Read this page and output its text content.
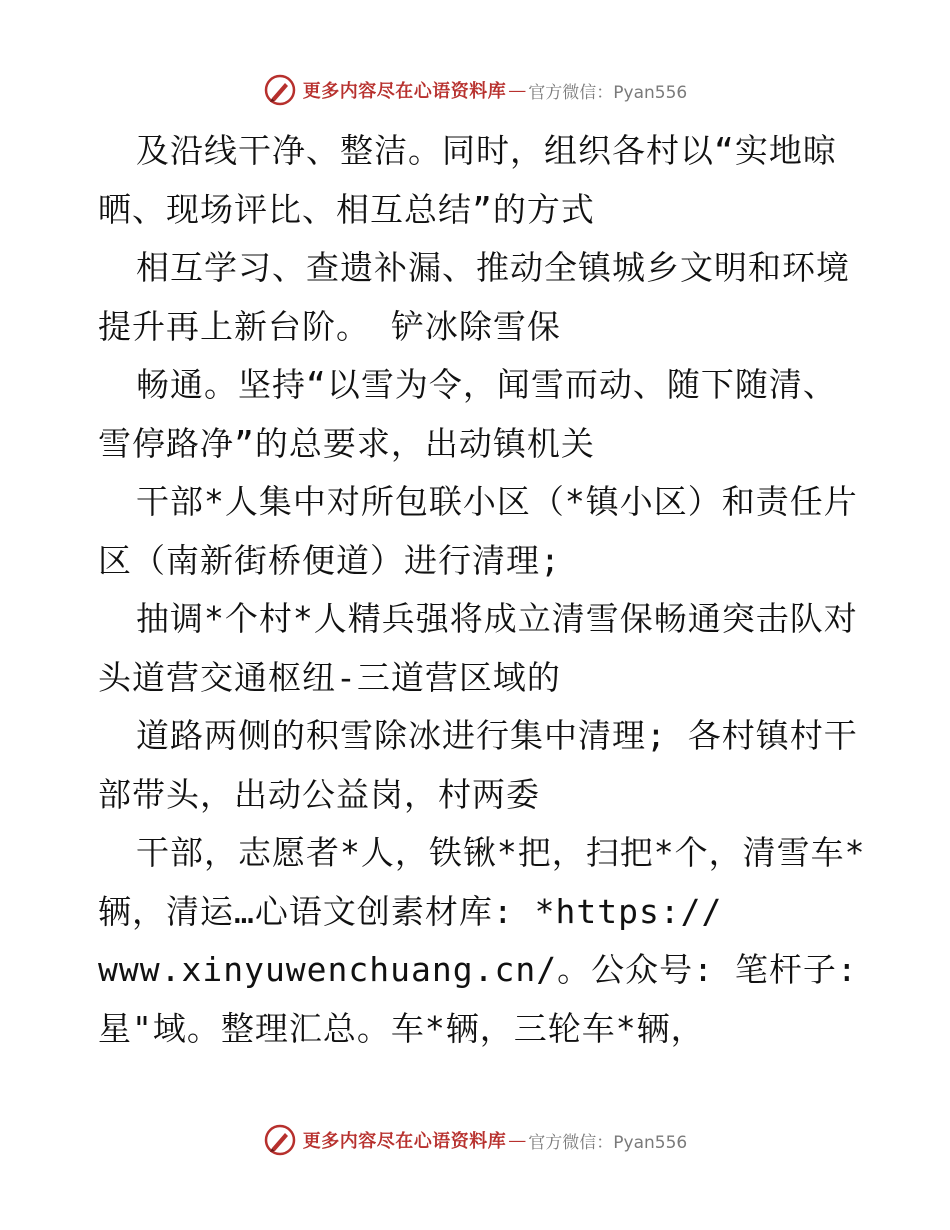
更多内容尽在心语资料库 — 官方微信：Pyan556
及沿线干净、整洁。同时，组织各村以“实地晾
晒、现场评比、相互总结”的方式
相互学习、查遗补漏、推动全镇城乡文明和环境
提升再上新台阶。 铲冰除雪保
畅通。坚持“以雪为令，闻雪而动、随下随清、
雪停路净”的总要求，出动镇机关
干部*人集中对所包联小区（*镇小区）和责任片
区（南新街桥便道）进行清理;
抽调*个村*人精兵强将成立清雪保畅通突击队对
头道营交通枢纽-三道营区域的
道路两侧的积雪除冰进行集中清理; 各村镇村干
部带头，出动公益岗，村两委
干部，志愿者*人，铁锹*把，扫把*个，清雪车*
辆，清运…心语文创素材库: *https://
www.xinyuwenchuang.cn/。公众号: 笔杆子:
星"域。整理汇总。车*辆，三轮车*辆，
更多内容尽在心语资料库 — 官方微信：Pyan556
